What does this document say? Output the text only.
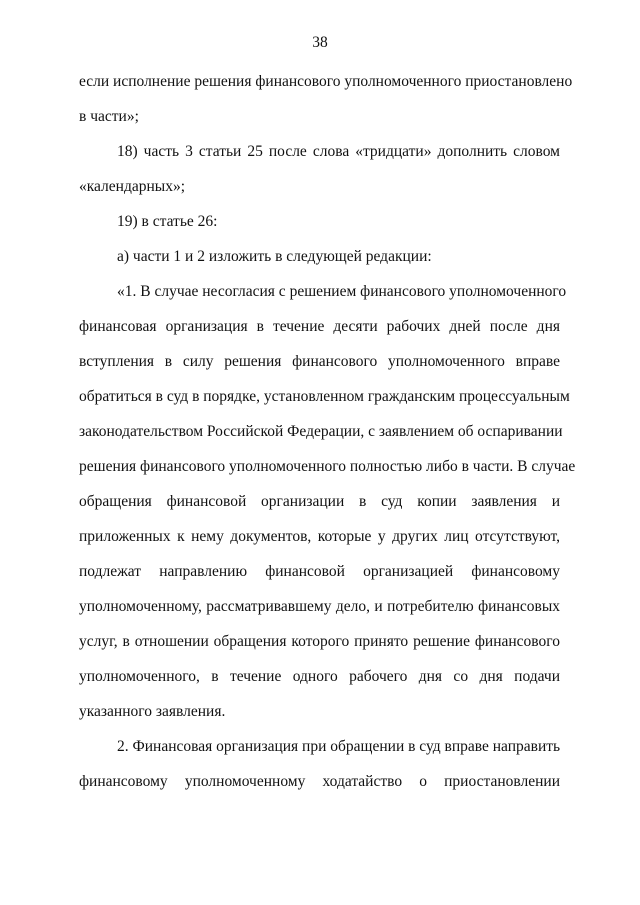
38
если исполнение решения финансового уполномоченного приостановлено
в части»;
18) часть 3 статьи 25 после слова «тридцати» дополнить словом
«календарных»;
19) в статье 26:
а) части 1 и 2 изложить в следующей редакции:
«1. В случае несогласия с решением финансового уполномоченного
финансовая организация в течение десяти рабочих дней после дня
вступления в силу решения финансового уполномоченного вправе
обратиться в суд в порядке, установленном гражданским процессуальным
законодательством Российской Федерации, с заявлением об оспаривании
решения финансового уполномоченного полностью либо в части. В случае
обращения финансовой организации в суд копии заявления и
приложенных к нему документов, которые у других лиц отсутствуют,
подлежат направлению финансовой организацией финансовому
уполномоченному, рассматривавшему дело, и потребителю финансовых
услуг, в отношении обращения которого принято решение финансового
уполномоченного, в течение одного рабочего дня со дня подачи
указанного заявления.
2. Финансовая организация при обращении в суд вправе направить
финансовому уполномоченному ходатайство о приостановлении
